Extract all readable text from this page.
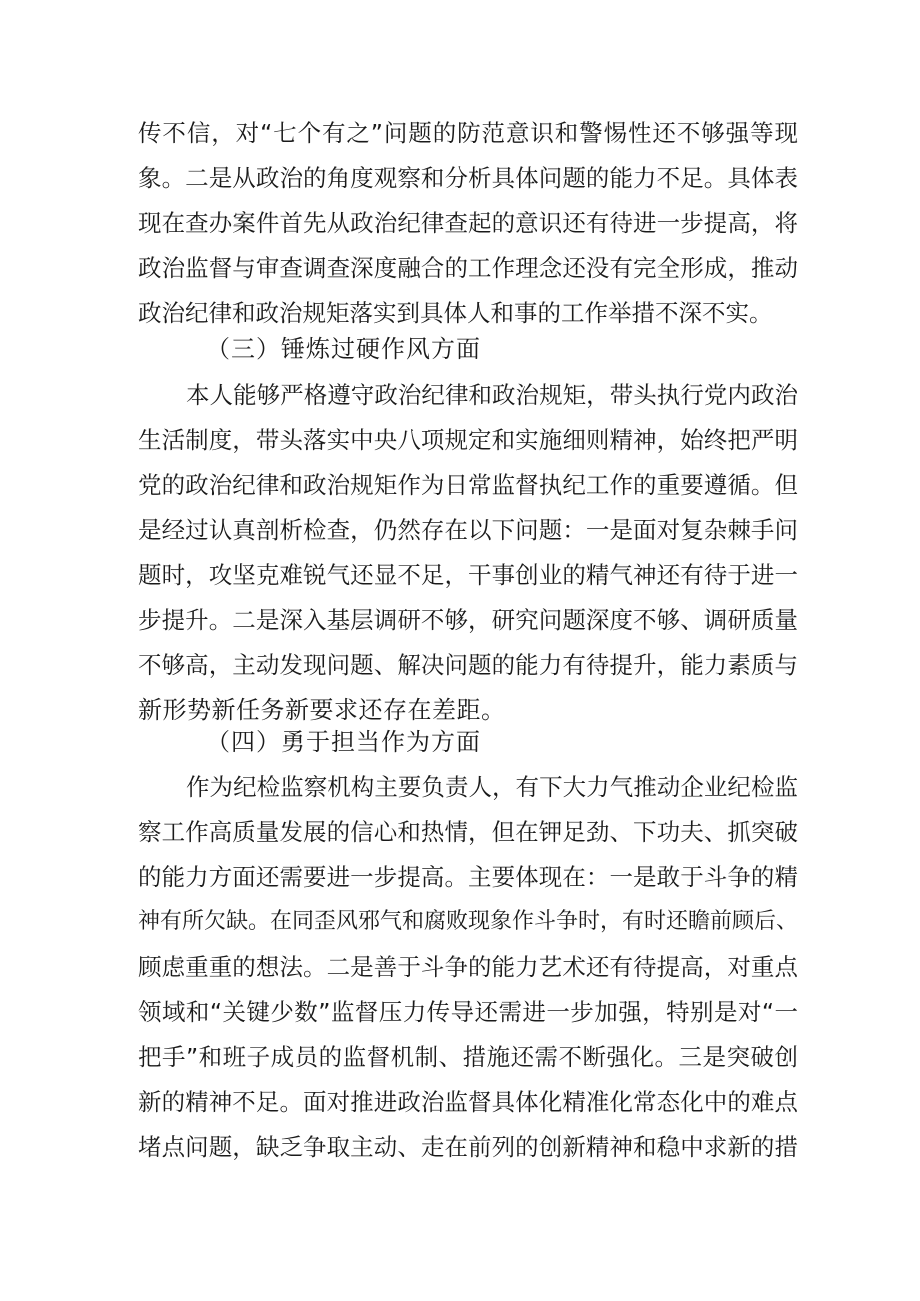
传不信，对“七个有之”问题的防范意识和警惕性还不够强等现
象。二是从政治的角度观察和分析具体问题的能力不足。具体表
现在查办案件首先从政治纪律查起的意识还有待进一步提高，将
政治监督与审查调查深度融合的工作理念还没有完全形成，推动
政治纪律和政治规矩落实到具体人和事的工作举措不深不实。
（三）锤炼过硬作风方面
本人能够严格遵守政治纪律和政治规矩，带头执行党内政治
生活制度，带头落实中央八项规定和实施细则精神，始终把严明
党的政治纪律和政治规矩作为日常监督执纪工作的重要遵循。但
是经过认真剖析检查，仍然存在以下问题：一是面对复杂棘手问
题时，攻坚克难锐气还显不足，干事创业的精气神还有待于进一
步提升。二是深入基层调研不够，研究问题深度不够、调研质量
不够高，主动发现问题、解决问题的能力有待提升，能力素质与
新形势新任务新要求还存在差距。
（四）勇于担当作为方面
作为纪检监察机构主要负责人，有下大力气推动企业纪检监
察工作高质量发展的信心和热情，但在钾足劲、下功夫、抓突破
的能力方面还需要进一步提高。主要体现在：一是敢于斗争的精
神有所欠缺。在同歪风邪气和腐败现象作斗争时，有时还瞻前顾后、
顾虑重重的想法。二是善于斗争的能力艺术还有待提高，对重点
领域和“关键少数”监督压力传导还需进一步加强，特别是对“一
把手”和班子成员的监督机制、措施还需不断强化。三是突破创
新的精神不足。面对推进政治监督具体化精准化常态化中的难点
堵点问题，缺乏争取主动、走在前列的创新精神和稳中求新的措
